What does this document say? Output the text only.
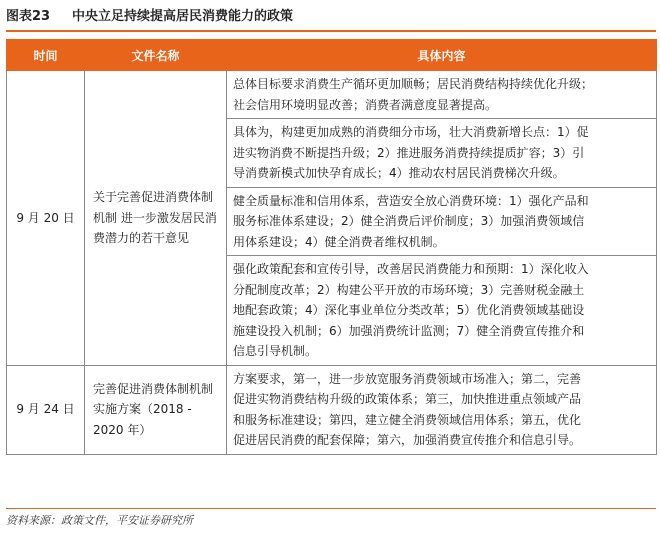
图表23 中央立足持续提高居民消费能力的政策
时间	文件名称	具体内容
9 月 20 日	关于完善促进消费体制机制 进一步激发居民消费潜力的若干意见	总体目标要求消费生产循环更加顺畅；居民消费结构持续优化升级；
社会信用环境明显改善；消费者满意度显著提高。

		具体为，构建更加成熟的消费细分市场，壮大消费新增长点：1）促
进实物消费不断提挡升级；2）推进服务消费持续提质扩容；3）引
导消费新模式加快孕育成长；4）推动农村居民消费梯次升级。

		健全质量标准和信用体系，营造安全放心消费环境：1）强化产品和
服务标准体系建设；2）健全消费后评价制度；3）加强消费领域信
用体系建设；4）健全消费者维权机制。

		强化政策配套和宣传引导，改善居民消费能力和预期：1）深化收入
分配制度改革；2）构建公平开放的市场环境；3）完善财税金融土
地配套政策；4）深化事业单位分类改革；5）优化消费领域基础设
施建设投入机制；6）加强消费统计监测；7）健全消费宣传推介和
信息引导机制。

9 月 24 日	完善促进消费体制机制实施方案（2018 - 2020 年）	方案要求，第一，进一步放宽服务消费领域市场准入；第二，完善
促进实物消费结构升级的政策体系；第三，加快推进重点领域产品
和服务标准建设；第四，建立健全消费领域信用体系；第五，优化
促进居民消费的配套保障；第六，加强消费宣传推介和信息引导。
资料来源：政策文件，平安证券研究所
